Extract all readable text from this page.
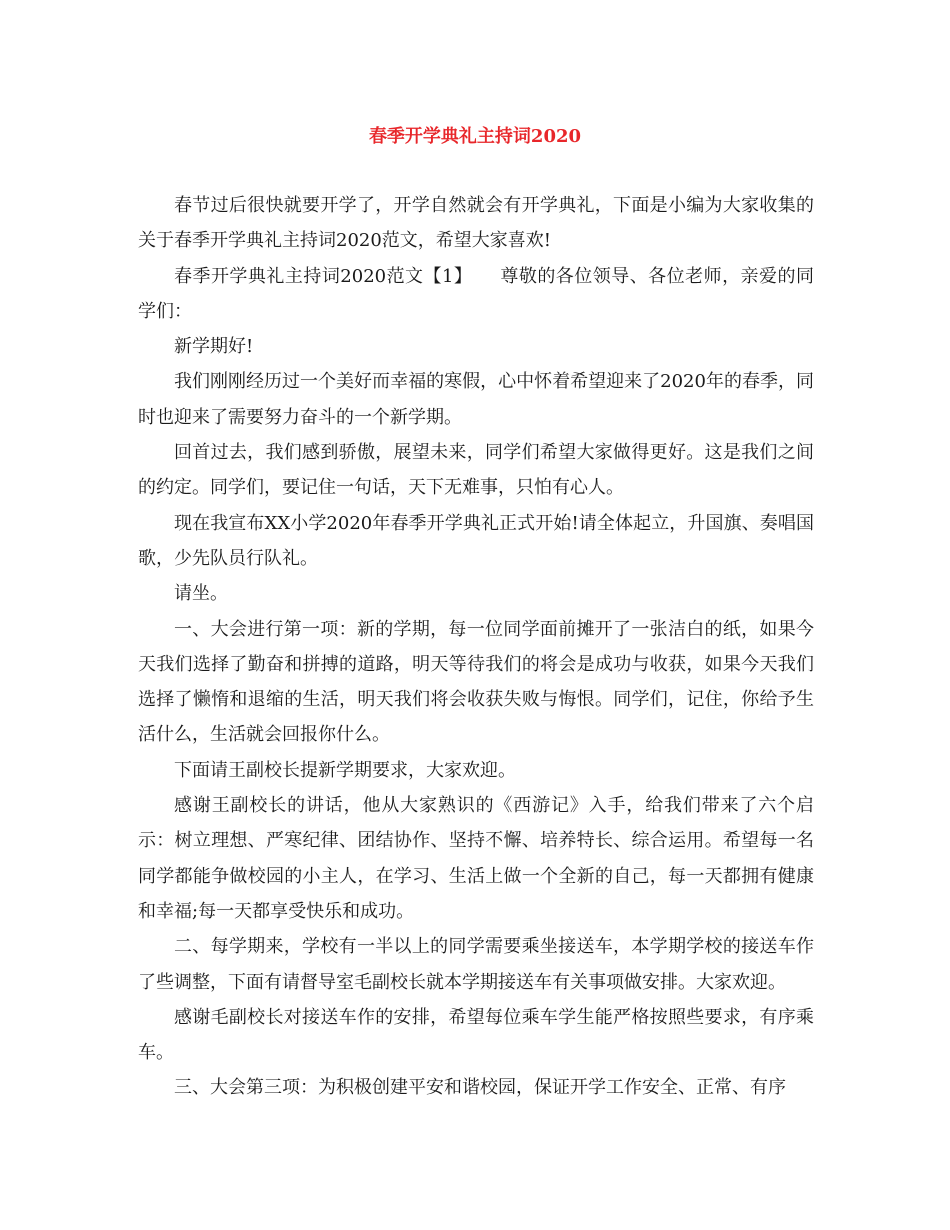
春季开学典礼主持词2020

春节过后很快就要开学了，开学自然就会有开学典礼，下面是小编为大家收集的关于春季开学典礼主持词2020范文，希望大家喜欢!

春季开学典礼主持词2020范文【1】　　尊敬的各位领导、各位老师，亲爱的同学们：

新学期好!

我们刚刚经历过一个美好而幸福的寒假，心中怀着希望迎来了2020年的春季，同时也迎来了需要努力奋斗的一个新学期。

回首过去，我们感到骄傲，展望未来，同学们希望大家做得更好。这是我们之间的约定。同学们，要记住一句话，天下无难事，只怕有心人。

现在我宣布XX小学2020年春季开学典礼正式开始!请全体起立，升国旗、奏唱国歌，少先队员行队礼。

请坐。

一、大会进行第一项：新的学期，每一位同学面前摊开了一张洁白的纸，如果今天我们选择了勤奋和拼搏的道路，明天等待我们的将会是成功与收获，如果今天我们选择了懒惰和退缩的生活，明天我们将会收获失败与悔恨。同学们，记住，你给予生活什么，生活就会回报你什么。

下面请王副校长提新学期要求，大家欢迎。

感谢王副校长的讲话，他从大家熟识的《西游记》入手，给我们带来了六个启示：树立理想、严寒纪律、团结协作、坚持不懈、培养特长、综合运用。希望每一名同学都能争做校园的小主人，在学习、生活上做一个全新的自己，每一天都拥有健康和幸福;每一天都享受快乐和成功。

二、每学期来，学校有一半以上的同学需要乘坐接送车，本学期学校的接送车作了些调整，下面有请督导室毛副校长就本学期接送车有关事项做安排。大家欢迎。

感谢毛副校长对接送车作的安排，希望每位乘车学生能严格按照些要求，有序乘车。

三、大会第三项：为积极创建平安和谐校园，保证开学工作安全、正常、有序
